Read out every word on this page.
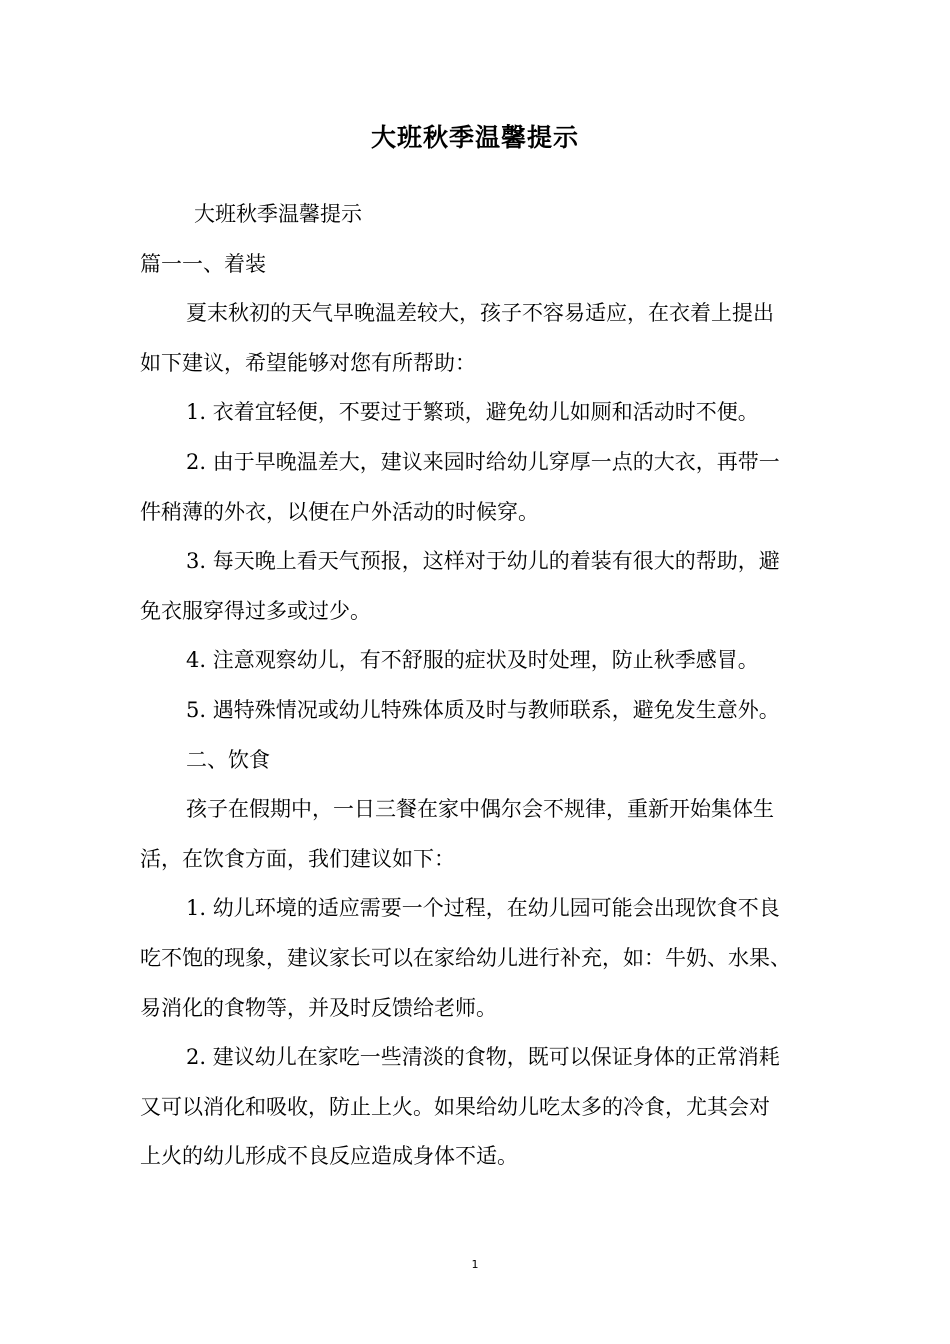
大班秋季温馨提示
大班秋季温馨提示
篇一一、着装
夏末秋初的天气早晚温差较大，孩子不容易适应，在衣着上提出
如下建议，希望能够对您有所帮助：
1. 衣着宜轻便，不要过于繁琐，避免幼儿如厕和活动时不便。
2. 由于早晚温差大，建议来园时给幼儿穿厚一点的大衣，再带一
件稍薄的外衣，以便在户外活动的时候穿。
3. 每天晚上看天气预报，这样对于幼儿的着装有很大的帮助，避
免衣服穿得过多或过少。
4. 注意观察幼儿，有不舒服的症状及时处理，防止秋季感冒。
5. 遇特殊情况或幼儿特殊体质及时与教师联系，避免发生意外。
二、饮食
孩子在假期中，一日三餐在家中偶尔会不规律，重新开始集体生
活，在饮食方面，我们建议如下：
1. 幼儿环境的适应需要一个过程，在幼儿园可能会出现饮食不良
吃不饱的现象，建议家长可以在家给幼儿进行补充，如：牛奶、水果、
易消化的食物等，并及时反馈给老师。
2. 建议幼儿在家吃一些清淡的食物，既可以保证身体的正常消耗
又可以消化和吸收，防止上火。如果给幼儿吃太多的冷食，尤其会对
上火的幼儿形成不良反应造成身体不适。
1
